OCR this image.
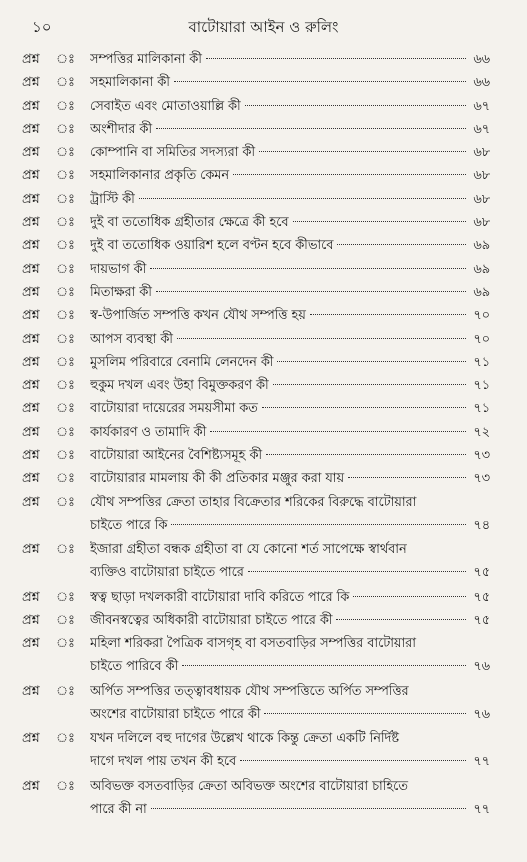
১০	বাটোয়ারা আইন ও রুলিং
প্রশ্ন	ঃ	সম্পত্তির মালিকানা কী	৬৬
প্রশ্ন	ঃ	সহমালিকানা কী	৬৬
প্রশ্ন	ঃ	সেবাইত এবং মোতাওয়াল্লি কী	৬৭
প্রশ্ন	ঃ	অংশীদার কী	৬৭
প্রশ্ন	ঃ	কোম্পানি বা সমিতির সদস্যরা কী	৬৮
প্রশ্ন	ঃ	সহমালিকানার প্রকৃতি কেমন	৬৮
প্রশ্ন	ঃ	ট্রাস্টি কী	৬৮
প্রশ্ন	ঃ	দুই বা ততোধিক গ্রহীতার ক্ষেত্রে কী হবে	৬৮
প্রশ্ন	ঃ	দুই বা ততোধিক ওয়ারিশ হলে বণ্টন হবে কীভাবে	৬৯
প্রশ্ন	ঃ	দায়ভাগ কী	৬৯
প্রশ্ন	ঃ	মিতাক্ষরা কী	৬৯
প্রশ্ন	ঃ	স্ব-উপার্জিত সম্পত্তি কখন যৌথ সম্পত্তি হয়	৭০
প্রশ্ন	ঃ	আপস ব্যবস্থা কী	৭০
প্রশ্ন	ঃ	মুসলিম পরিবারে বেনামি লেনদেন কী	৭১
প্রশ্ন	ঃ	হুকুম দখল এবং উহা বিমুক্তকরণ কী	৭১
প্রশ্ন	ঃ	বাটোয়ারা দায়েরের সময়সীমা কত	৭১
প্রশ্ন	ঃ	কার্যকারণ ও তামাদি কী	৭২
প্রশ্ন	ঃ	বাটোয়ারা আইনের বৈশিষ্ট্যসমূহ কী	৭৩
প্রশ্ন	ঃ	বাটোয়ারার মামলায় কী কী প্রতিকার মঞ্জুর করা যায়	৭৩
প্রশ্ন	ঃ	যৌথ সম্পত্তির ক্রেতা তাহার বিক্রেতার শরিকের বিরুদ্ধে বাটোয়ারা
চাইতে পারে কি	৭৪
প্রশ্ন	ঃ	ইজারা গ্রহীতা বন্ধক গ্রহীতা বা যে কোনো শর্ত সাপেক্ষে স্বার্থবান
ব্যক্তিও বাটোয়ারা চাইতে পারে	৭৫
প্রশ্ন	ঃ	স্বত্ব ছাড়া দখলকারী বাটোয়ারা দাবি করিতে পারে কি	৭৫
প্রশ্ন	ঃ	জীবনস্বত্বের অধিকারী বাটোয়ারা চাইতে পারে কী	৭৫
প্রশ্ন	ঃ	মহিলা শরিকরা পৈত্রিক বাসগৃহ বা বসতবাড়ির সম্পত্তির বাটোয়ারা
চাইতে পারিবে কী	৭৬
প্রশ্ন	ঃ	অর্পিত সম্পত্তির তত্ত্বাবধায়ক যৌথ সম্পত্তিতে অর্পিত সম্পত্তির
অংশের বাটোয়ারা চাইতে পারে কী	৭৬
প্রশ্ন	ঃ	যখন দলিলে বহু দাগের উল্লেখ থাকে কিন্তু ক্রেতা একটি নির্দিষ্ট
দাগে দখল পায় তখন কী হবে	৭৭
প্রশ্ন	ঃ	অবিভক্ত বসতবাড়ির ক্রেতা অবিভক্ত অংশের বাটোয়ারা চাহিতে
পারে কী না	৭৭
